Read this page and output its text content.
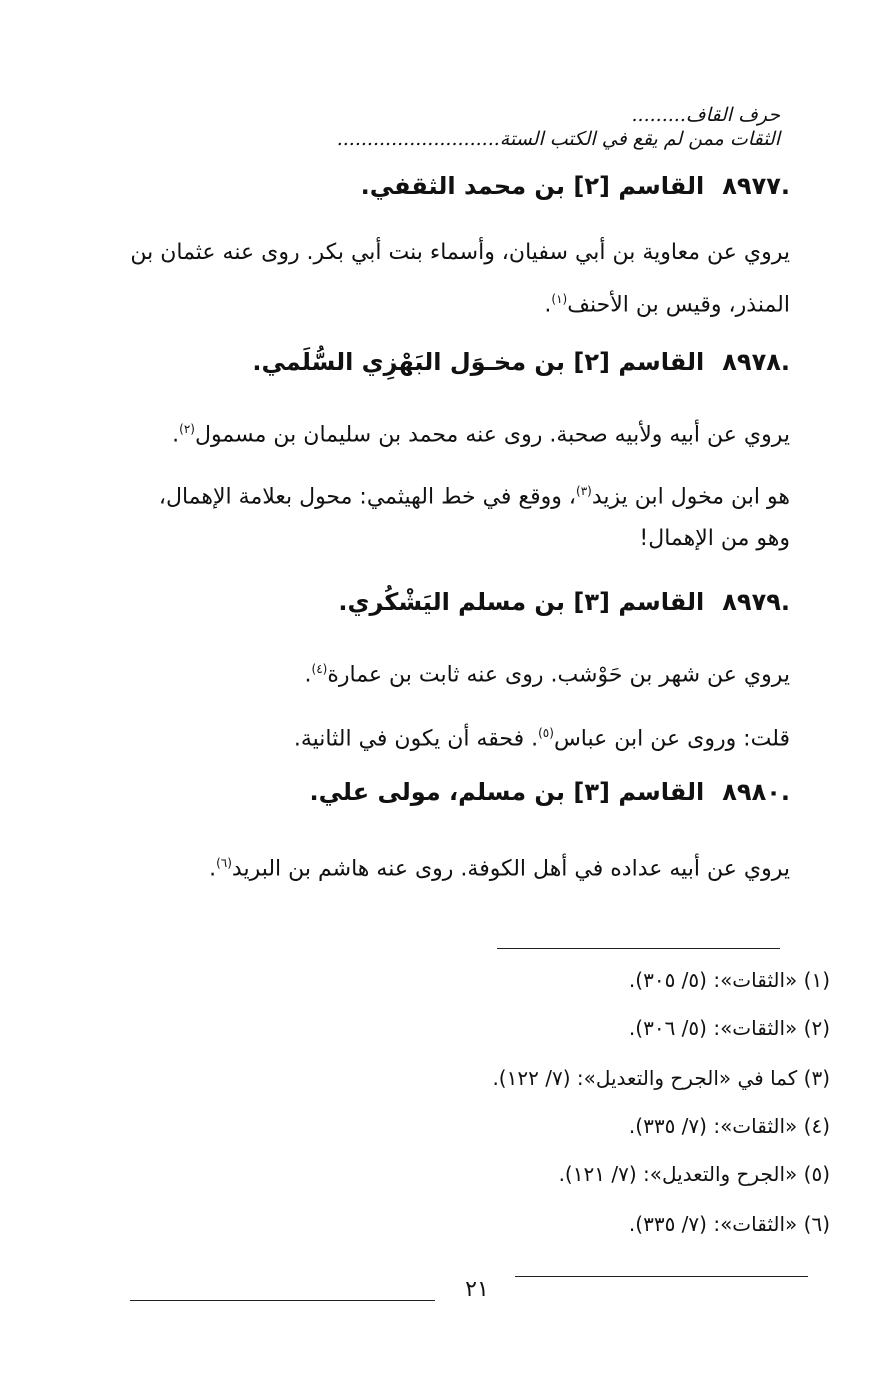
حرف القاف.........
الثقات ممن لم يقع في الكتب الستة...........................
.٨٩٧٧القاسم [٢] بن محمد الثقفي.
يروي عن معاوية بن أبي سفيان، وأسماء بنت أبي بكر. روى عنه عثمان بن
المنذر، وقيس بن الأحنف$^{(١)}$.
.٨٩٧٨القاسم [٢] بن مخـوَل البَهْزِي السُّلَمي.
يروي عن أبيه ولأبيه صحبة. روى عنه محمد بن سليمان بن مسمول$^{(٢)}$.
هو ابن مخول ابن يزيد$^{(٣)}$، ووقع في خط الهيثمي: محول بعلامة الإهمال،
وهو من الإهمال!
.٨٩٧٩القاسم [٣] بن مسلم اليَشْكُري.
يروي عن شهر بن حَوْشب. روى عنه ثابت بن عمارة$^{(٤)}$.
قلت: وروى عن ابن عباس$^{(٥)}$. فحقه أن يكون في الثانية.
.٨٩٨٠القاسم [٣] بن مسلم، مولى علي.
يروي عن أبيه عداده في أهل الكوفة. روى عنه هاشم بن البريد$^{(٦)}$.
(١) «الثقات»: (٥/ ٣٠٥).
(٢) «الثقات»: (٥/ ٣٠٦).
(٣) كما في «الجرح والتعديل»: (٧/ ١٢٢).
(٤) «الثقات»: (٧/ ٣٣٥).
(٥) «الجرح والتعديل»: (٧/ ١٢١).
(٦) «الثقات»: (٧/ ٣٣٥).
٢١
